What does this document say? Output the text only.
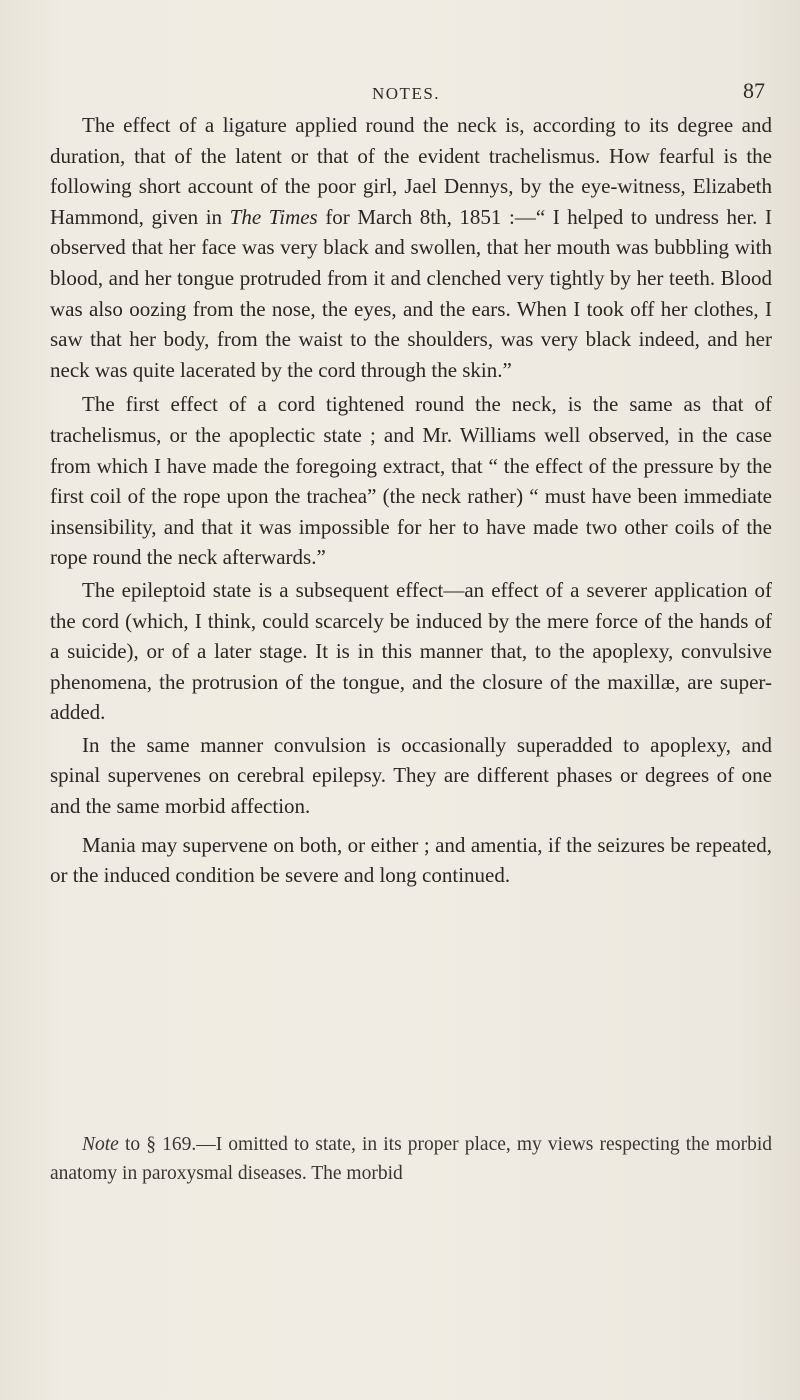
NOTES.	87

The effect of a ligature applied round the neck is, according to its degree and duration, that of the latent or that of the evident trachelismus. How fearful is the following short account of the poor girl, Jael Dennys, by the eye-witness, Elizabeth Hammond, given in The Times for March 8th, 1851 :—“ I helped to undress her. I observed that her face was very black and swollen, that her mouth was bubbling with blood, and her tongue protruded from it and clenched very tightly by her teeth. Blood was also oozing from the nose, the eyes, and the ears. When I took off her clothes, I saw that her body, from the waist to the shoulders, was very black indeed, and her neck was quite lacerated by the cord through the skin.”

The first effect of a cord tightened round the neck, is the same as that of trachelismus, or the apoplectic state ; and Mr. Williams well observed, in the case from which I have made the foregoing extract, that “ the effect of the pressure by the first coil of the rope upon the trachea” (the neck rather) “ must have been immediate insensibility, and that it was impossible for her to have made two other coils of the rope round the neck afterwards.”

The epileptoid state is a subsequent effect—an effect of a severer application of the cord (which, I think, could scarcely be induced by the mere force of the hands of a suicide), or of a later stage. It is in this manner that, to the apoplexy, convulsive phenomena, the protrusion of the tongue, and the closure of the maxillæ, are super-added.

In the same manner convulsion is occasionally superadded to apoplexy, and spinal supervenes on cerebral epilepsy. They are different phases or degrees of one and the same morbid affection.

Mania may supervene on both, or either ; and amentia, if the seizures be repeated, or the induced condition be severe and long continued.

Note to § 169.—I omitted to state, in its proper place, my views respecting the morbid anatomy in paroxysmal diseases. The morbid
